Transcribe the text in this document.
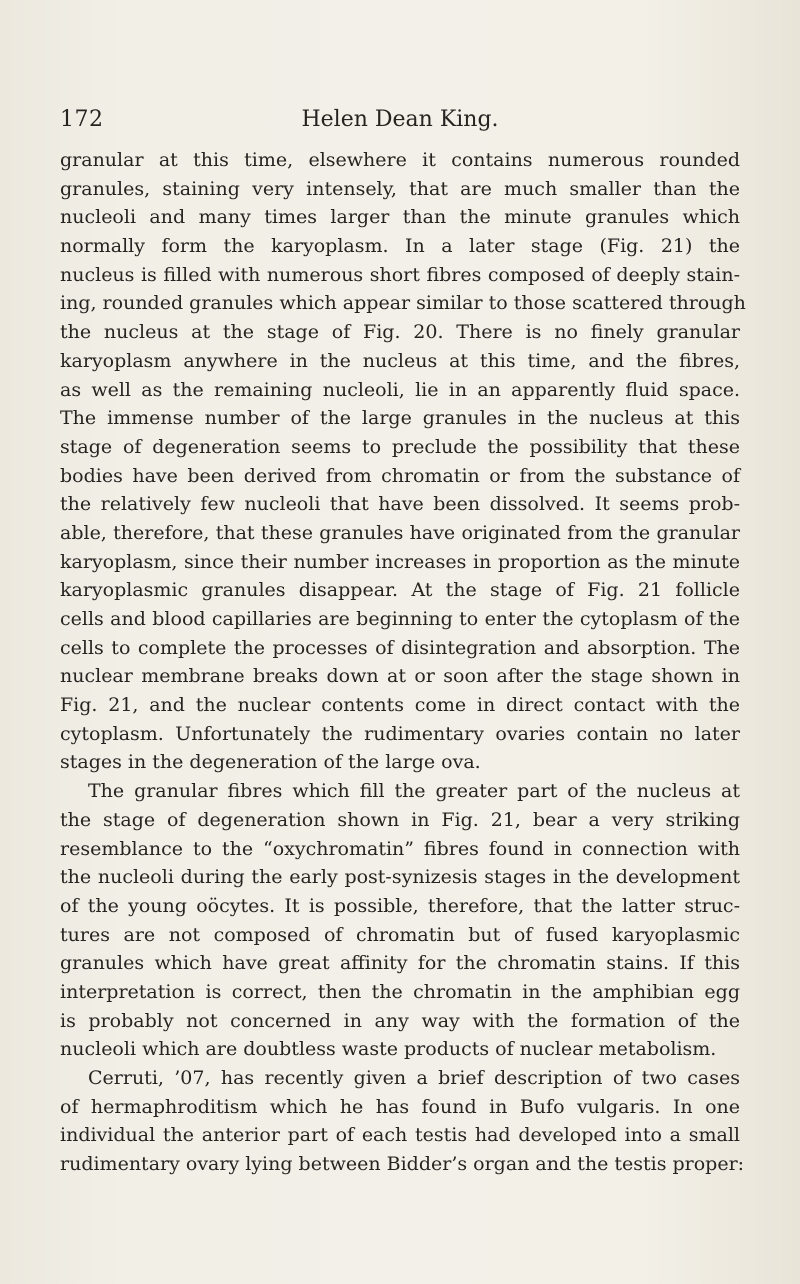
172	Helen Dean King.
granular at this time, elsewhere it contains numerous rounded
granules, staining very intensely, that are much smaller than the
nucleoli and many times larger than the minute granules which
normally form the karyoplasm. In a later stage (Fig. 21) the
nucleus is filled with numerous short fibres composed of deeply stain-
ing, rounded granules which appear similar to those scattered through
the nucleus at the stage of Fig. 20. There is no finely granular
karyoplasm anywhere in the nucleus at this time, and the fibres,
as well as the remaining nucleoli, lie in an apparently fluid space.
The immense number of the large granules in the nucleus at this
stage of degeneration seems to preclude the possibility that these
bodies have been derived from chromatin or from the substance of
the relatively few nucleoli that have been dissolved. It seems prob-
able, therefore, that these granules have originated from the granular
karyoplasm, since their number increases in proportion as the minute
karyoplasmic granules disappear. At the stage of Fig. 21 follicle
cells and blood capillaries are beginning to enter the cytoplasm of the
cells to complete the processes of disintegration and absorption. The
nuclear membrane breaks down at or soon after the stage shown in
Fig. 21, and the nuclear contents come in direct contact with the
cytoplasm. Unfortunately the rudimentary ovaries contain no later
stages in the degeneration of the large ova.
The granular fibres which fill the greater part of the nucleus at
the stage of degeneration shown in Fig. 21, bear a very striking
resemblance to the “oxychromatin” fibres found in connection with
the nucleoli during the early post-synizesis stages in the development
of the young oöcytes. It is possible, therefore, that the latter struc-
tures are not composed of chromatin but of fused karyoplasmic
granules which have great affinity for the chromatin stains. If this
interpretation is correct, then the chromatin in the amphibian egg
is probably not concerned in any way with the formation of the
nucleoli which are doubtless waste products of nuclear metabolism.
Cerruti, ’07, has recently given a brief description of two cases
of hermaphroditism which he has found in Bufo vulgaris. In one
individual the anterior part of each testis had developed into a small
rudimentary ovary lying between Bidder’s organ and the testis proper:
